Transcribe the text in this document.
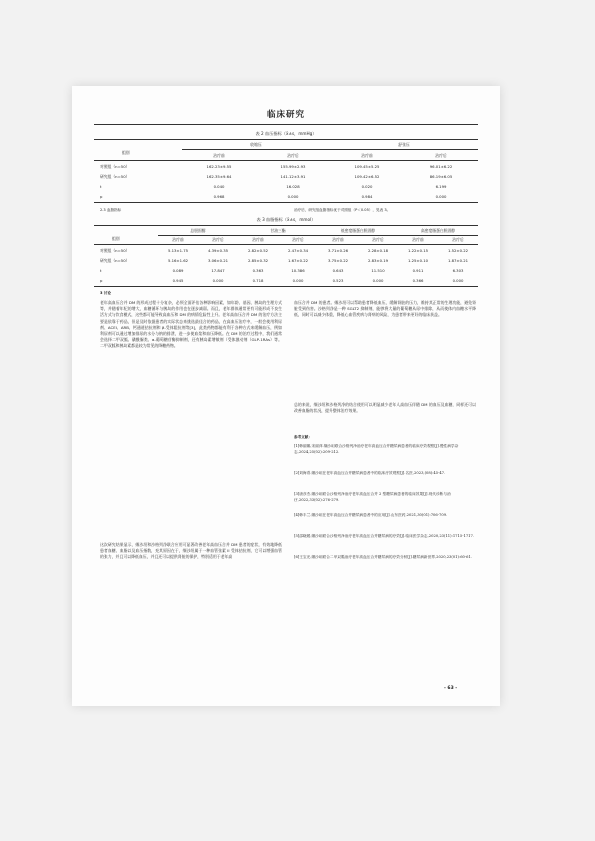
临床研究
表 2 血压指标（x̄±s，mmHg）
组别
收缩压	舒张压
治疗前	治疗后	治疗前	治疗后
对照组（n=50）	162.23±9.55	155.99±2.93	109.45±5.25	96.01±6.22
研究组（n=50）	162.35±9.64	141.12±3.91	109.42±6.52	86.19±6.05
t	0.040	16.028	0.020	6.199
p	0.968	0.000	0.984	0.000
2.3 血脂指标	治疗后，研究组血脂指标优于对照组（P＜0.05），见表 3。
表 3 血脂指标（x̄±s，mmol）
组别
总胆固醇	甘油三酯	低密度脂蛋白胆固醇	高密度脂蛋白胆固醇
治疗前	治疗后	治疗前	治疗后	治疗前	治疗后	治疗前	治疗后
对照组（n=50）	5.13±1.75	4.39±0.35	2.82±0.52	2.47±0.34	3.71±0.26	2.28±0.18	1.22±0.15	1.52±0.22
研究组（n=50）	5.16±1.62	3.06±0.21	2.85±0.32	1.67±0.22	3.75±0.22	2.83±0.19	1.25±0.10	1.87±0.21
t	0.089	17.847	0.363	10.386	0.643	11.510	0.911	6.303
p	0.945	0.000	0.718	0.000	0.523	0.000	0.366	0.000
3 讨论
老年高血压合并 DM 的形成过程十分复杂，必须全面评估各种影响因素，如年龄、基因、胰岛的生理方式等，并随着年纪的增大，血糖循环与胰岛的作用也在逐步减弱。而且，老年群体通常更有可能形成不良生活方式与饮食模式，这些都可能导致高血压和 DM 的病情危险性上升。老年高血压合并 DM 的治疗方法主要是依靠于药品，但是及时依据患者的实际状态来挑选最佳合的药品，在高血压治疗中，一般会使用利尿剂、ACEI、ARB、钙通道拮抗剂和 β-受体阻抗剂等[3]，此类药物都能有利于各种方式来缓解血压，例如利尿剂可以通过增加排尿的水分与钠的排泄，进一步使血浆和血压降低。在 DM 的治疗过程中，我们通常会选择二甲双胍、磺酰脲类、α-葡萄糖苷酶抑制剂，还有胰岛素增敏剂（受体激动剂（GLP-1RAs）等。二甲双胍和胰岛素都是较为常见的降糖药物。
这次研究结果显示，缬沙坦和沙格列净联合应用可显著改善老年高血压合并 DM 患者的症状，有效地降低患者血糖、血脂以及血压指数，充其原因在于，缬沙坦属于一种血管张素 II 受体拮抗剂，它可以增强血管的张力，并且可以降低血压，并且还可以提供肾脏的保护，特别适用于老年高
血压合并 DM 的患者。缬沙坦可以帮助患者降低血压，缓解肾脏的压力，维持其正常的生理功能，避免肾脏受到伤害。沙格列净是一种 SGLT2 抑制剂，能够将大量的葡萄糖从尿中排除，从而使体内血糖水平降低，同时可以减少体重，降低心血管疾病与肾病的风险，为患者带来更好的临床获益。
总的来说，缬沙坦和沙格列净的结合使用可以明显减少老年人高血压伴随 DM 的血压及血糖，同样还可以改善血脂的状况，提升整体治疗效果。
参考文献：
[1]韩丽娜,宋丽萍.缬沙坦联合沙格列净治疗老年高血压合并糖尿病患者的临床疗效观察[J].慢性病学杂志,2024,25(02):209-212.
[2]刘海青.缬沙坦在老年高血压合并糖尿病患者中的临床疗效观察[J].名医,2023,(08):45-47.
[3]唐彦杰.缬沙坦联合沙格列净治疗老年高血压合并 2 型糖尿病患者的临床效果[J].现代诊断与治疗,2022,33(02):276-279.
[4]韩丰兰.缬沙坦在老年高血压合并糖尿病患者中的应用[J].山东医药,2021,30(01):706-709.
[5]邵晓媛.缬沙坦联合沙格列净治疗老年高血压合并糖尿病的疗效[J].临床医学杂志,2020,23(11):1715-1717.
[6]王宝光.缬沙坦联合二甲双胍治疗老年高血压合并糖尿病的疗效分析[J].糖尿病新世界,2020,23(01):60-61.
- 63 -
